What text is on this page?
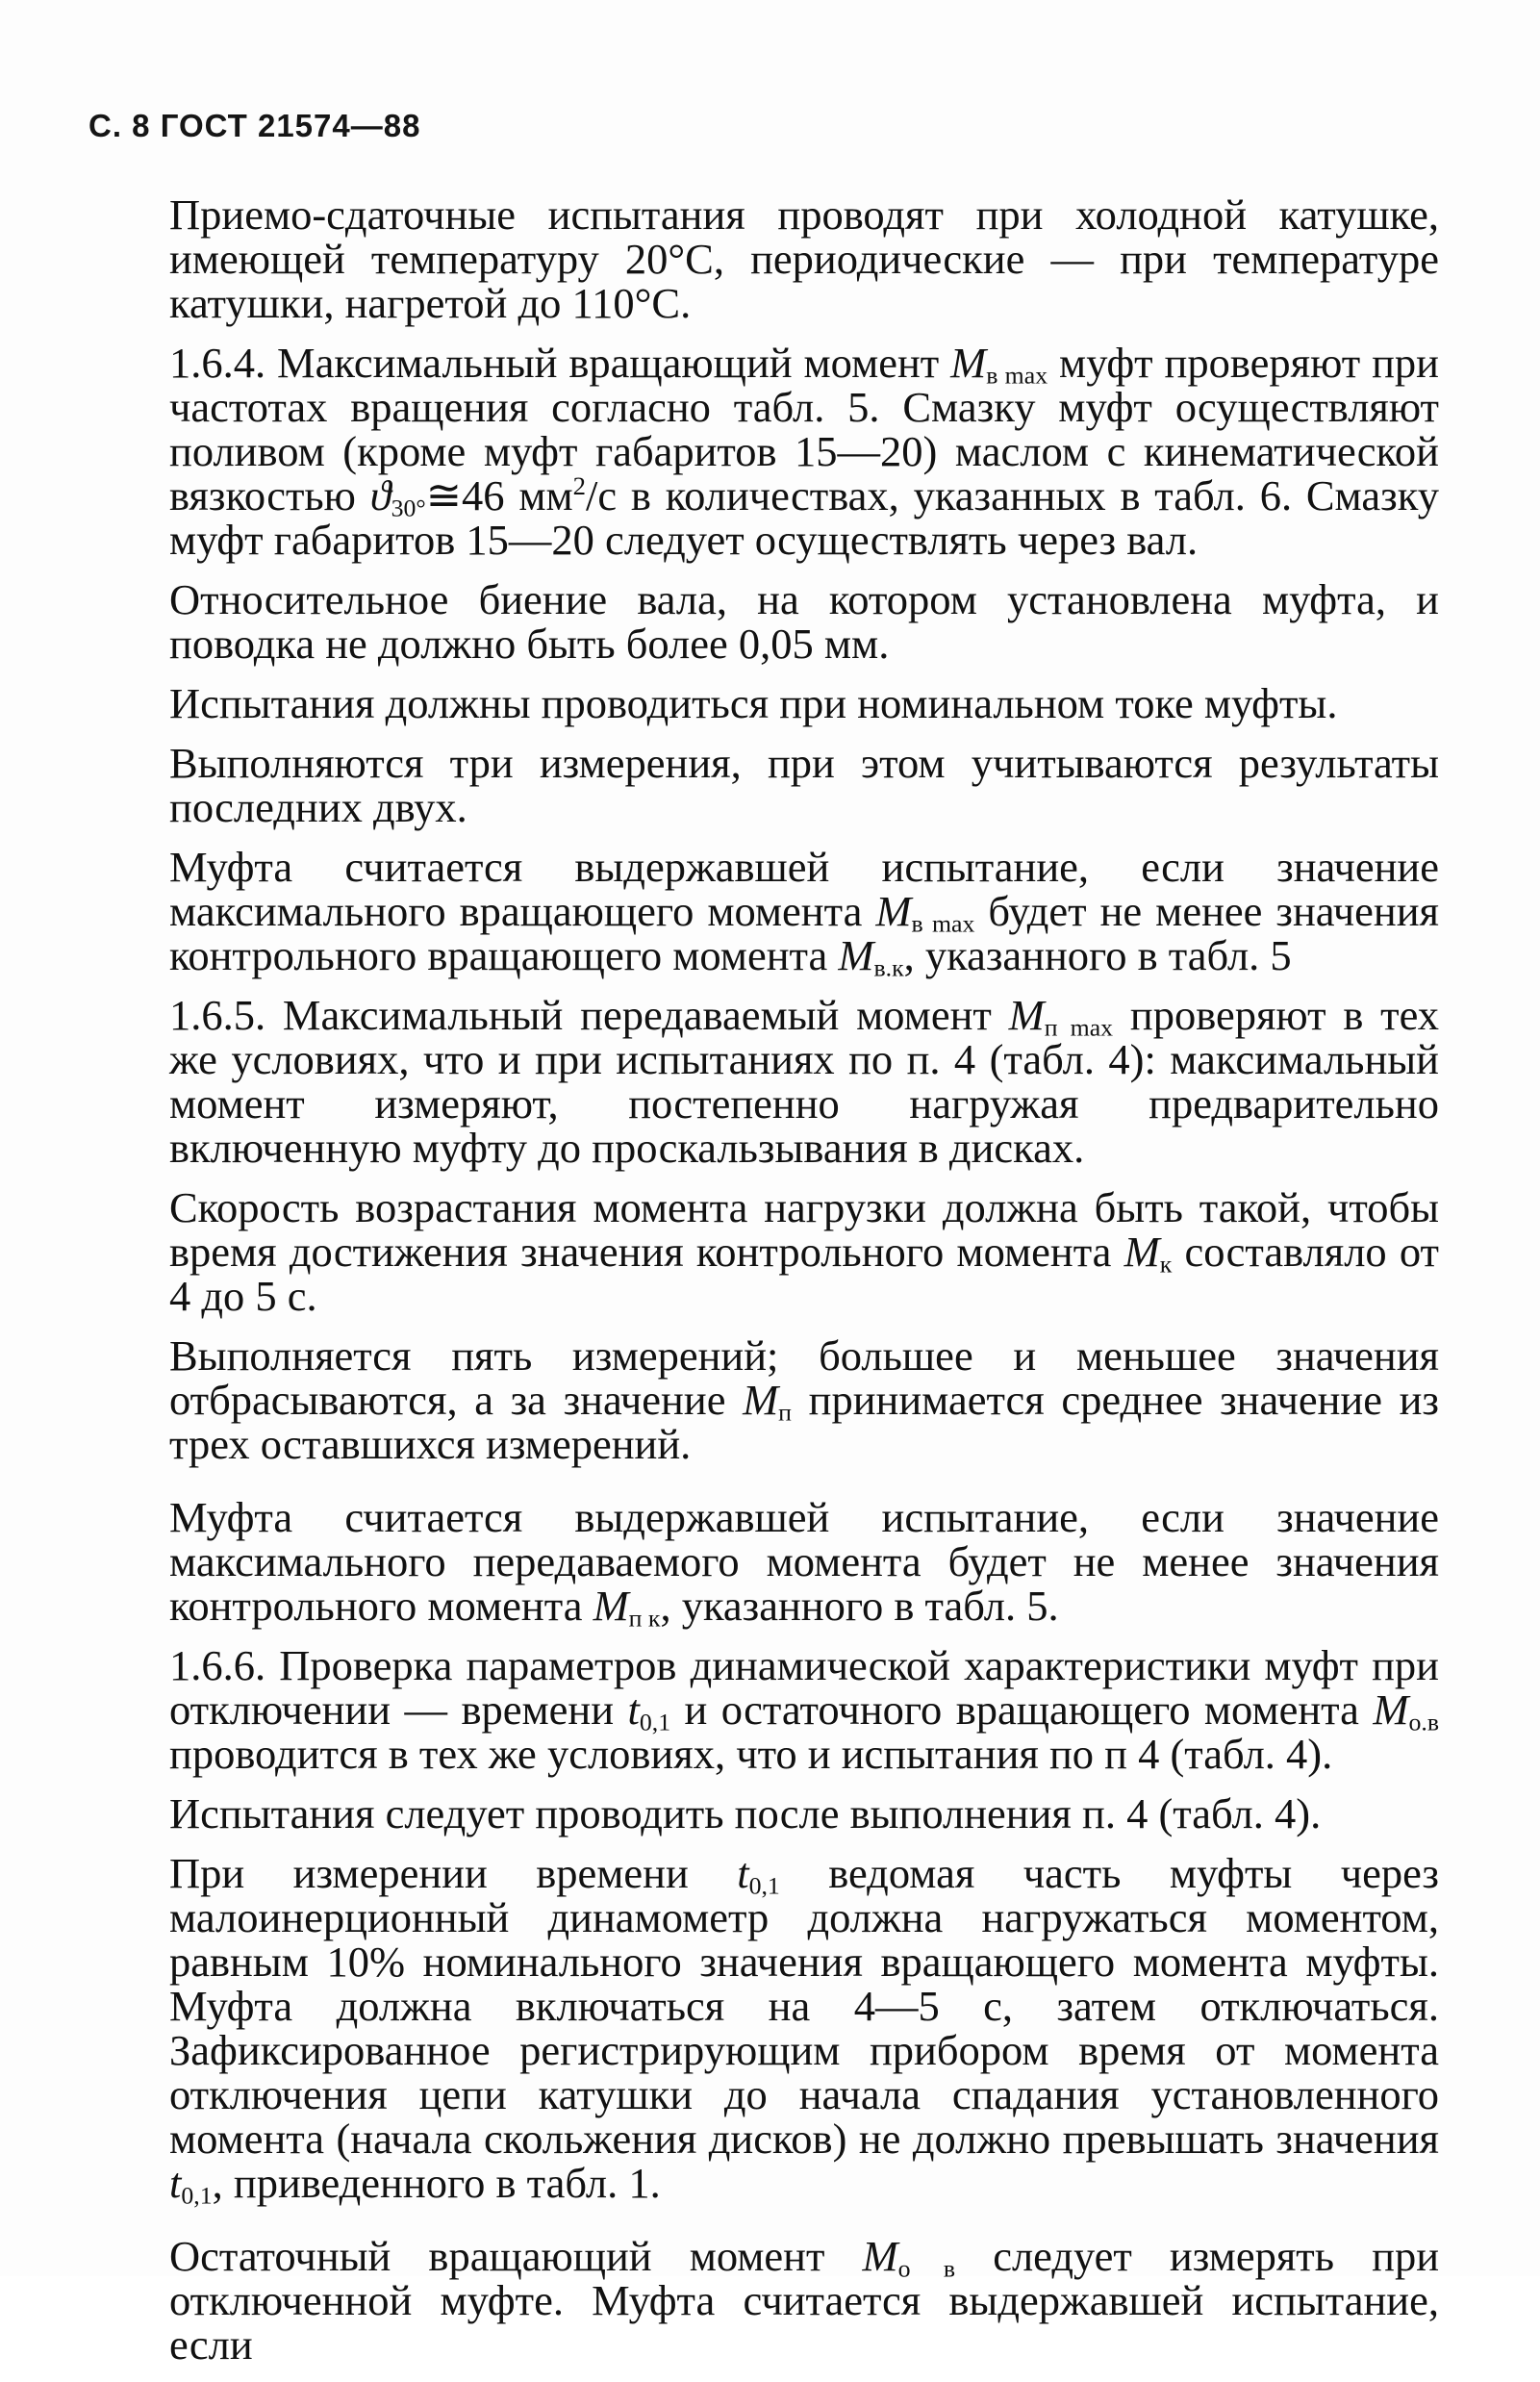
С. 8 ГОСТ 21574—88

Приемо-сдаточные испытания проводят при холодной катушке, имеющей температуру 20°С, периодические — при температуре катушки, нагретой до 110°С.

1.6.4. Максимальный вращающий момент $M_{в max}$ муфт проверяют при частотах вращения согласно табл. 5. Смазку муфт осуществляют поливом (кроме муфт габаритов 15—20) маслом с кинематической вязкостью $ϑ_{30^\circ}≅46$ $мм^2/с$ в количествах, указанных в табл. 6. Смазку муфт габаритов 15—20 следует осуществлять через вал.

Относительное биение вала, на котором установлена муфта, и поводка не должно быть более 0,05 мм.

Испытания должны проводиться при номинальном токе муфты.

Выполняются три измерения, при этом учитываются результаты последних двух.

Муфта считается выдержавшей испытание, если значение максимального вращающего момента $M_{в max}$ будет не менее значения контрольного вращающего момента $M_{в.к}$, указанного в табл. 5

1.6.5. Максимальный передаваемый момент $M_{п max}$ проверяют в тех же условиях, что и при испытаниях по п. 4 (табл. 4): максимальный момент измеряют, постепенно нагружая предварительно включенную муфту до проскальзывания в дисках.

Скорость возрастания момента нагрузки должна быть такой, чтобы время достижения значения контрольного момента $M_к$ составляло от 4 до 5 с.

Выполняется пять измерений; большее и меньшее значения отбрасываются, а за значение $M_п$ принимается среднее значение из трех оставшихся измерений.

Муфта считается выдержавшей испытание, если значение максимального передаваемого момента будет не менее значения контрольного момента $M_{п к}$, указанного в табл. 5.

1.6.6. Проверка параметров динамической характеристики муфт при отключении — времени $t_{0,1}$ и остаточного вращающего момента $M_{о.в}$ проводится в тех же условиях, что и испытания по п 4 (табл. 4).

Испытания следует проводить после выполнения п. 4 (табл. 4).

При измерении времени $t_{0,1}$ ведомая часть муфты через малоинерционный динамометр должна нагружаться моментом, равным 10% номинального значения вращающего момента муфты. Муфта должна включаться на 4—5 с, затем отключаться. Зафиксированное регистрирующим прибором время от момента отключения цепи катушки до начала спадания установленного момента (начала скольжения дисков) не должно превышать значения $t_{0,1}$, приведенного в табл. 1.

Остаточный вращающий момент $M_{о в}$ следует измерять при отключенной муфте. Муфта считается выдержавшей испытание, если
